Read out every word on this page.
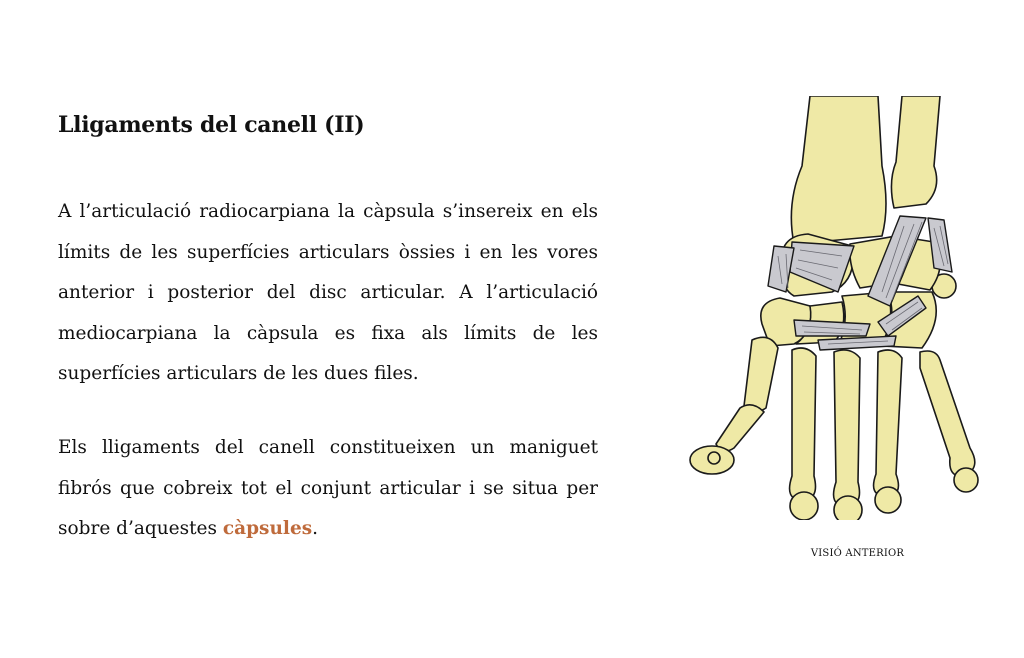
Lligaments del canell (II)

A l’articulació radiocarpiana la càpsula s’insereix en els límits de les superfícies articulars òssies i en les vores anterior i posterior del disc articular. A l’articulació mediocarpiana la càpsula es fixa als límits de les superfícies articulars de les dues files.

Els lligaments del canell constitueixen un maniguet fibrós que cobreix tot el conjunt articular i se situa per sobre d’aquestes càpsules.

VISIÓ ANTERIOR
